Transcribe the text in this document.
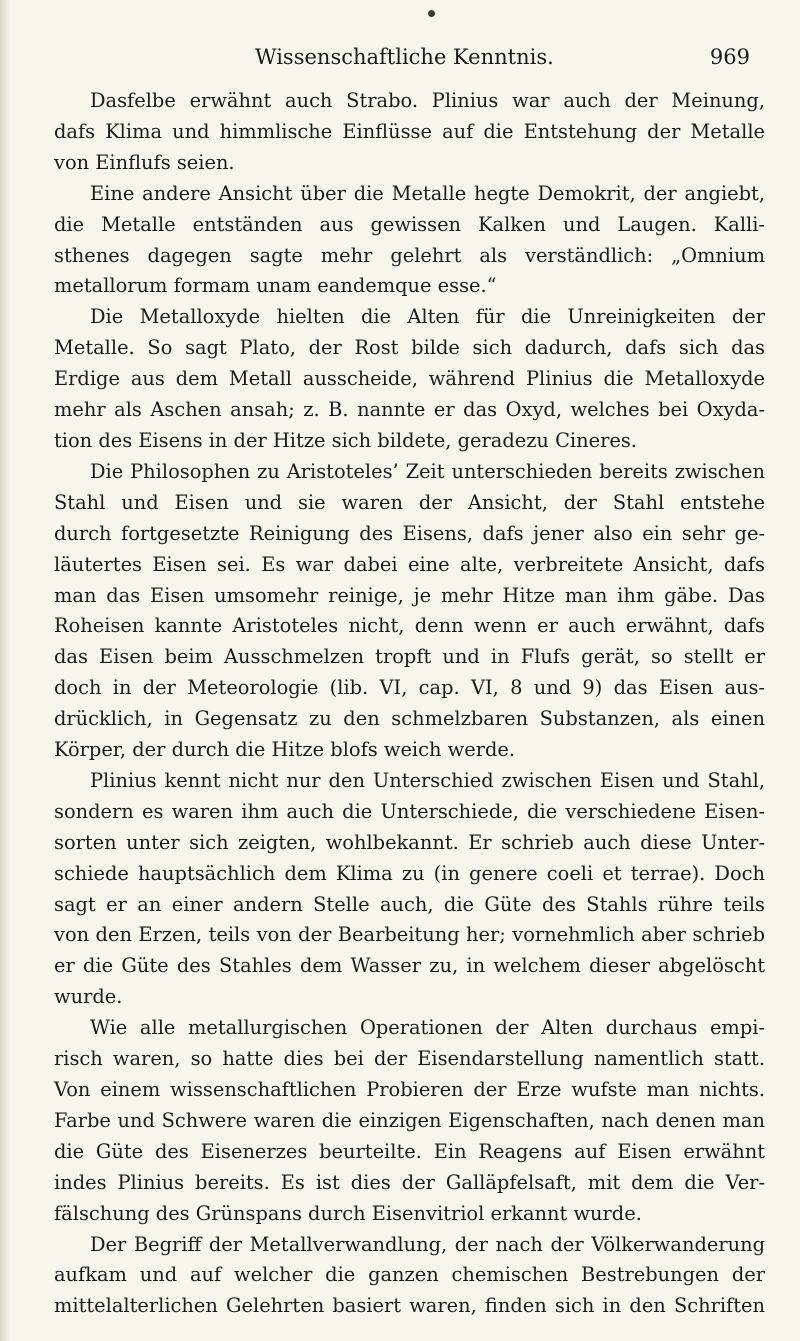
Wissenschaftliche Kenntnis.	969
Dasfelbe erwähnt auch Strabo. Plinius war auch der Meinung,
dafs Klima und himmlische Einflüsse auf die Entstehung der Metalle
von Einflufs seien.
Eine andere Ansicht über die Metalle hegte Demokrit, der angiebt,
die Metalle entständen aus gewissen Kalken und Laugen. Kalli-
sthenes dagegen sagte mehr gelehrt als verständlich: „Omnium
metallorum formam unam eandemque esse.“
Die Metalloxyde hielten die Alten für die Unreinigkeiten der
Metalle. So sagt Plato, der Rost bilde sich dadurch, dafs sich das
Erdige aus dem Metall ausscheide, während Plinius die Metalloxyde
mehr als Aschen ansah; z. B. nannte er das Oxyd, welches bei Oxyda-
tion des Eisens in der Hitze sich bildete, geradezu Cineres.
Die Philosophen zu Aristoteles’ Zeit unterschieden bereits zwischen
Stahl und Eisen und sie waren der Ansicht, der Stahl entstehe
durch fortgesetzte Reinigung des Eisens, dafs jener also ein sehr ge-
läutertes Eisen sei. Es war dabei eine alte, verbreitete Ansicht, dafs
man das Eisen umsomehr reinige, je mehr Hitze man ihm gäbe. Das
Roheisen kannte Aristoteles nicht, denn wenn er auch erwähnt, dafs
das Eisen beim Ausschmelzen tropft und in Flufs gerät, so stellt er
doch in der Meteorologie (lib. VI, cap. VI, 8 und 9) das Eisen aus-
drücklich, in Gegensatz zu den schmelzbaren Substanzen, als einen
Körper, der durch die Hitze blofs weich werde.
Plinius kennt nicht nur den Unterschied zwischen Eisen und Stahl,
sondern es waren ihm auch die Unterschiede, die verschiedene Eisen-
sorten unter sich zeigten, wohlbekannt. Er schrieb auch diese Unter-
schiede hauptsächlich dem Klima zu (in genere coeli et terrae). Doch
sagt er an einer andern Stelle auch, die Güte des Stahls rühre teils
von den Erzen, teils von der Bearbeitung her; vornehmlich aber schrieb
er die Güte des Stahles dem Wasser zu, in welchem dieser abgelöscht
wurde.
Wie alle metallurgischen Operationen der Alten durchaus empi-
risch waren, so hatte dies bei der Eisendarstellung namentlich statt.
Von einem wissenschaftlichen Probieren der Erze wufste man nichts.
Farbe und Schwere waren die einzigen Eigenschaften, nach denen man
die Güte des Eisenerzes beurteilte. Ein Reagens auf Eisen erwähnt
indes Plinius bereits. Es ist dies der Galläpfelsaft, mit dem die Ver-
fälschung des Grünspans durch Eisenvitriol erkannt wurde.
Der Begriff der Metallverwandlung, der nach der Völkerwanderung
aufkam und auf welcher die ganzen chemischen Bestrebungen der
mittelalterlichen Gelehrten basiert waren, finden sich in den Schriften
